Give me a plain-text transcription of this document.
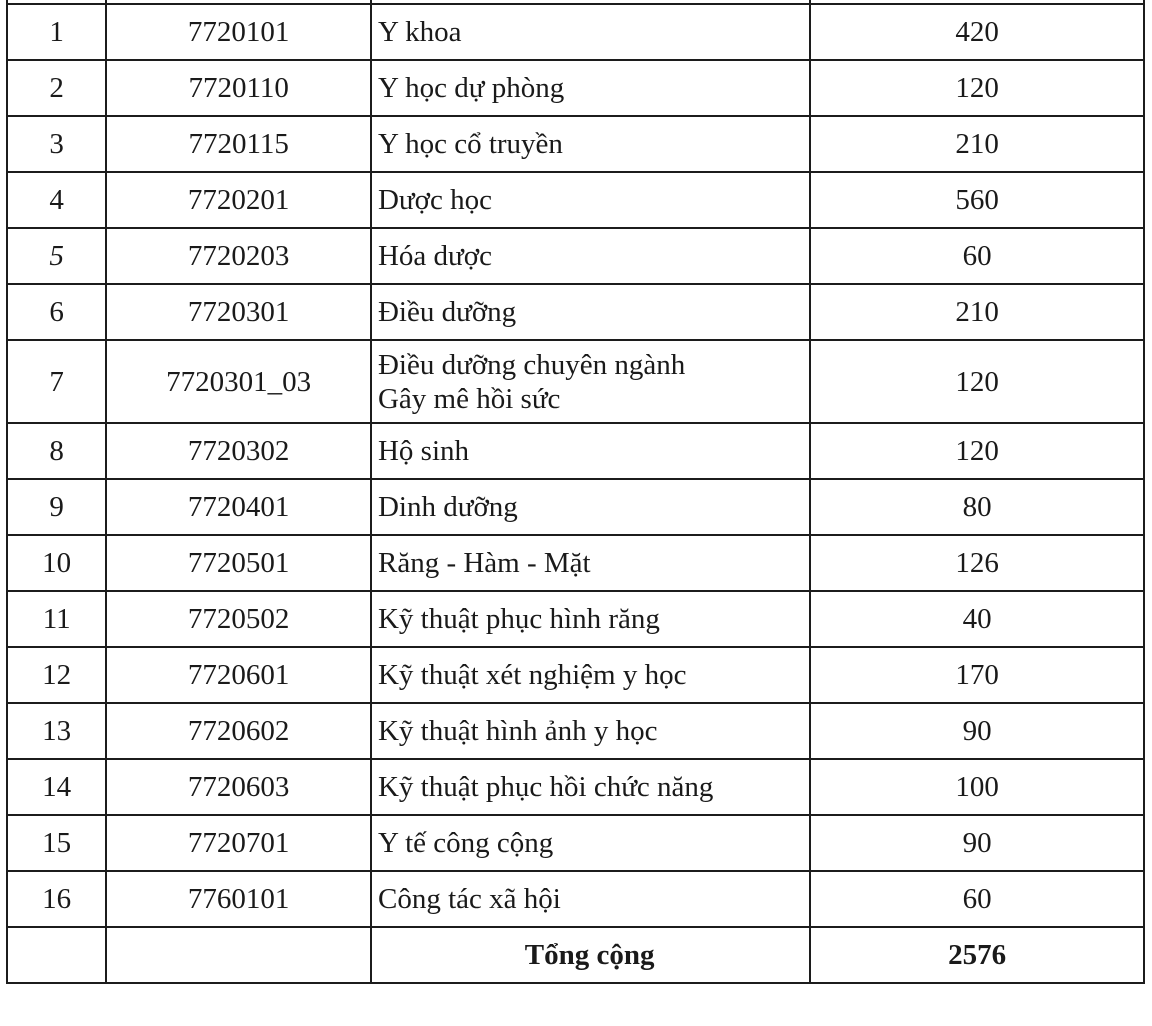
1	7720101	Y khoa	420
2	7720110	Y học dự phòng	120
3	7720115	Y học cổ truyền	210
4	7720201	Dược học	560
5	7720203	Hóa dược	60
6	7720301	Điều dưỡng	210
7	7720301_03	Điều dưỡng chuyên ngành
Gây mê hồi sức	120
8	7720302	Hộ sinh	120
9	7720401	Dinh dưỡng	80
10	7720501	Răng - Hàm - Mặt	126
11	7720502	Kỹ thuật phục hình răng	40
12	7720601	Kỹ thuật xét nghiệm y học	170
13	7720602	Kỹ thuật hình ảnh y học	90
14	7720603	Kỹ thuật phục hồi chức năng	100
15	7720701	Y tế công cộng	90
16	7760101	Công tác xã hội	60
		Tổng cộng	2576
